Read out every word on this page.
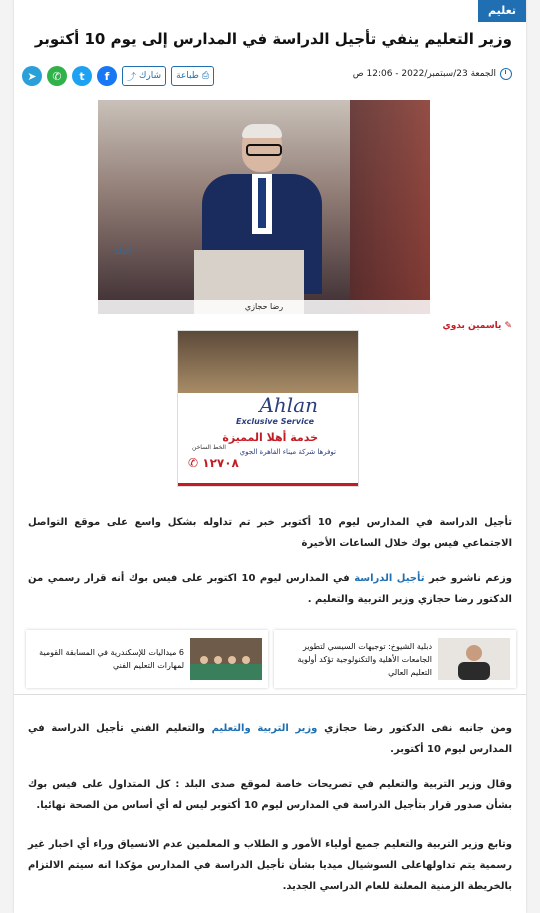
تعليم
وزير التعليم ينفي تأجيل الدراسة في المدارس إلى يوم 10 أكتوبر
الجمعة 23/سبتمبر/2022 - 12:06 ص
➤	✆	t	f	⤴ شارك طباعة ⎙
البلد
رضا حجازي
✎
ياسمين بدوي
Ahlan
Exclusive Service
خدمة أهلا المميزة
توفرها شركة ميناء القاهرة الجوي
الخط الساخن
✆ ١٢٧٠٨
تأجيل الدراسة في المدارس ليوم 10 أكتوبر خبر تم تداوله بشكل واسع على موقع التواصل الاجتماعي فيس بوك خلال الساعات الأخيرة
وزعم ناشرو خبر تأجيل الدراسة في المدارس ليوم 10 اكتوبر على فيس بوك أنه قرار رسمي من الدكتور رضا حجازي وزير التربية والتعليم .
دبلية الشيوخ: توجيهات السيسي لتطوير الجامعات الأهلية والتكنولوجية تؤكد أولوية التعليم العالي
6 ميداليات للإسكندرية في المسابقة القومية لمهارات التعليم الفني
ومن جانبه نفى الدكتور رضا حجازي وزير التربية والتعليم والتعليم الفني تأجيل الدراسة في المدارس ليوم 10 أكتوبر.
وقال وزير التربية والتعليم في تصريحات خاصة لموقع صدى البلد : كل المتداول على فيس بوك بشأن صدور قرار بتأجيل الدراسة في المدارس ليوم 10 أكتوبر ليس له أي أساس من الصحة نهائيا.
وتابع وزير التربية والتعليم جميع أولياء الأمور و الطلاب و المعلمين عدم الانسياق وراء أي اخبار غير رسمية يتم تداولهاعلى السوشيال ميديا بشأن تأجيل الدراسة في المدارس مؤكدا انه سيتم الالتزام بالخريطة الزمنية المعلنة للعام الدراسي الجديد.
